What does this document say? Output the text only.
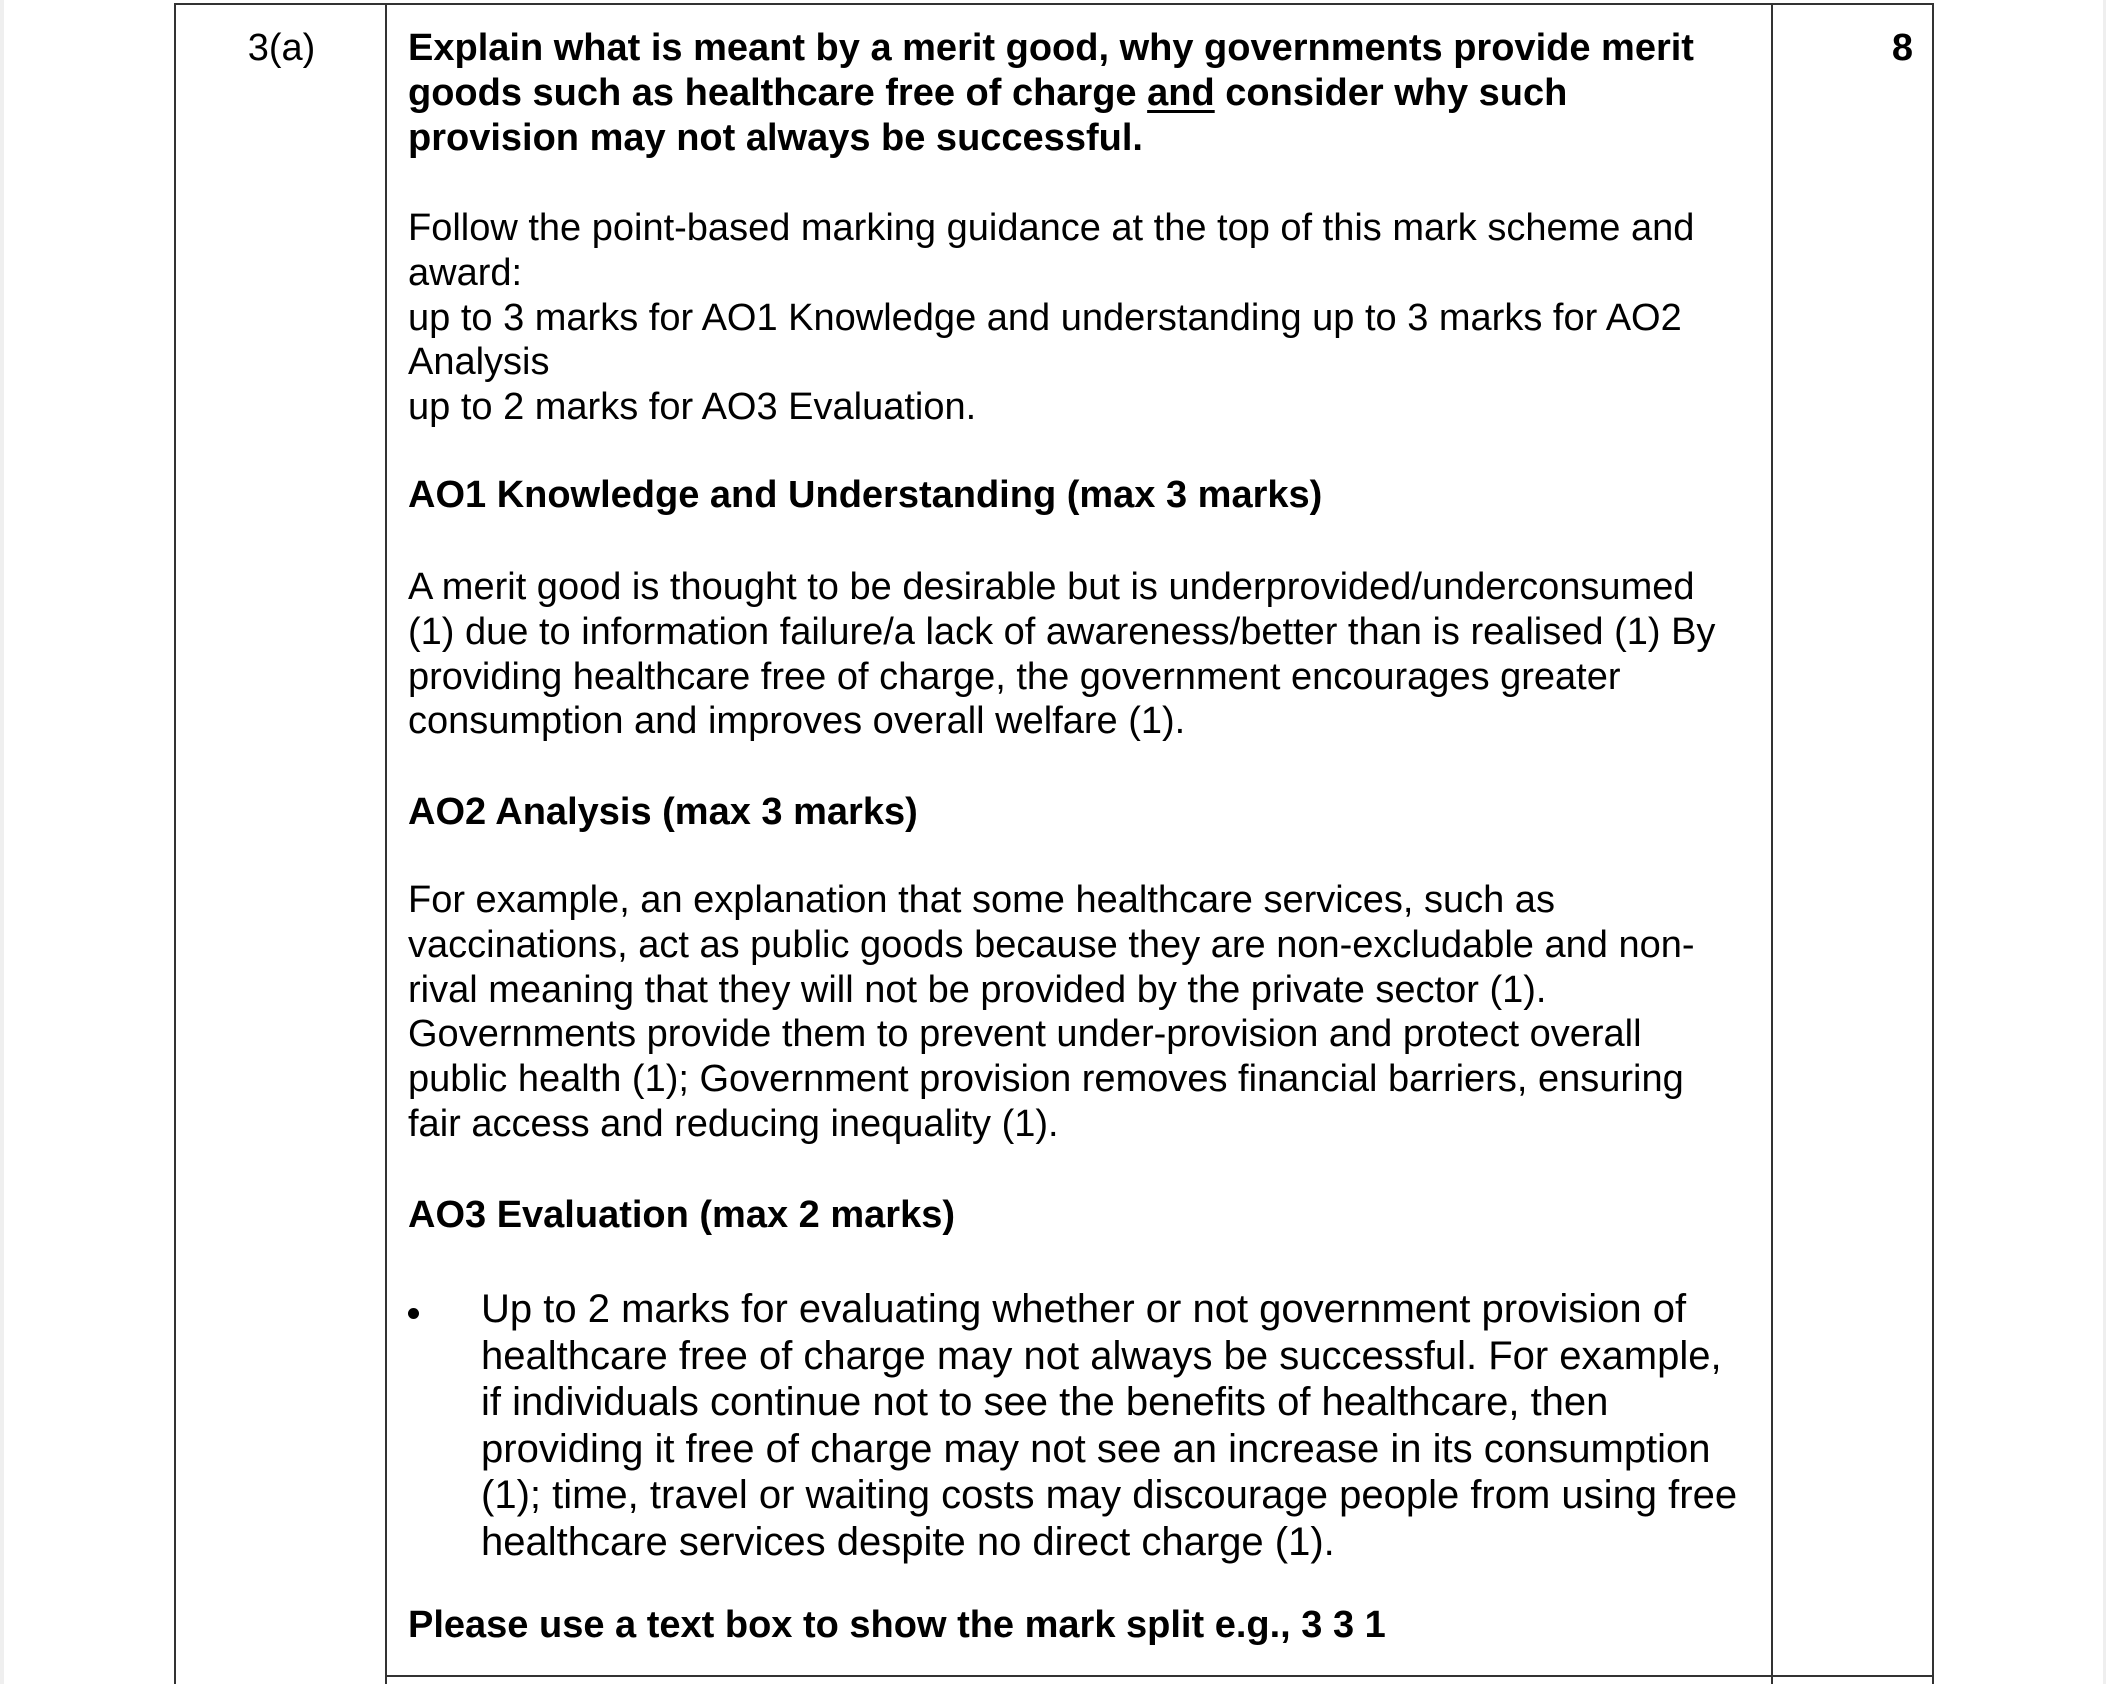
3(a)	8
Explain what is meant by a merit good, why governments provide merit
goods such as healthcare free of charge and consider why such
provision may not always be successful.
Follow the point-based marking guidance at the top of this mark scheme and
award:
up to 3 marks for AO1 Knowledge and understanding up to 3 marks for AO2
Analysis
up to 2 marks for AO3 Evaluation.
AO1 Knowledge and Understanding (max 3 marks)
A merit good is thought to be desirable but is underprovided/underconsumed
(1) due to information failure/a lack of awareness/better than is realised (1) By
providing healthcare free of charge, the government encourages greater
consumption and improves overall welfare (1).
AO2 Analysis (max 3 marks)
For example, an explanation that some healthcare services, such as
vaccinations, act as public goods because they are non-excludable and non-
rival meaning that they will not be provided by the private sector (1).
Governments provide them to prevent under-provision and protect overall
public health (1); Government provision removes financial barriers, ensuring
fair access and reducing inequality (1).
AO3 Evaluation (max 2 marks)
Up to 2 marks for evaluating whether or not government provision of
healthcare free of charge may not always be successful. For example,
if individuals continue not to see the benefits of healthcare, then
providing it free of charge may not see an increase in its consumption
(1); time, travel or waiting costs may discourage people from using free
healthcare services despite no direct charge (1).
Please use a text box to show the mark split e.g., 3 3 1
